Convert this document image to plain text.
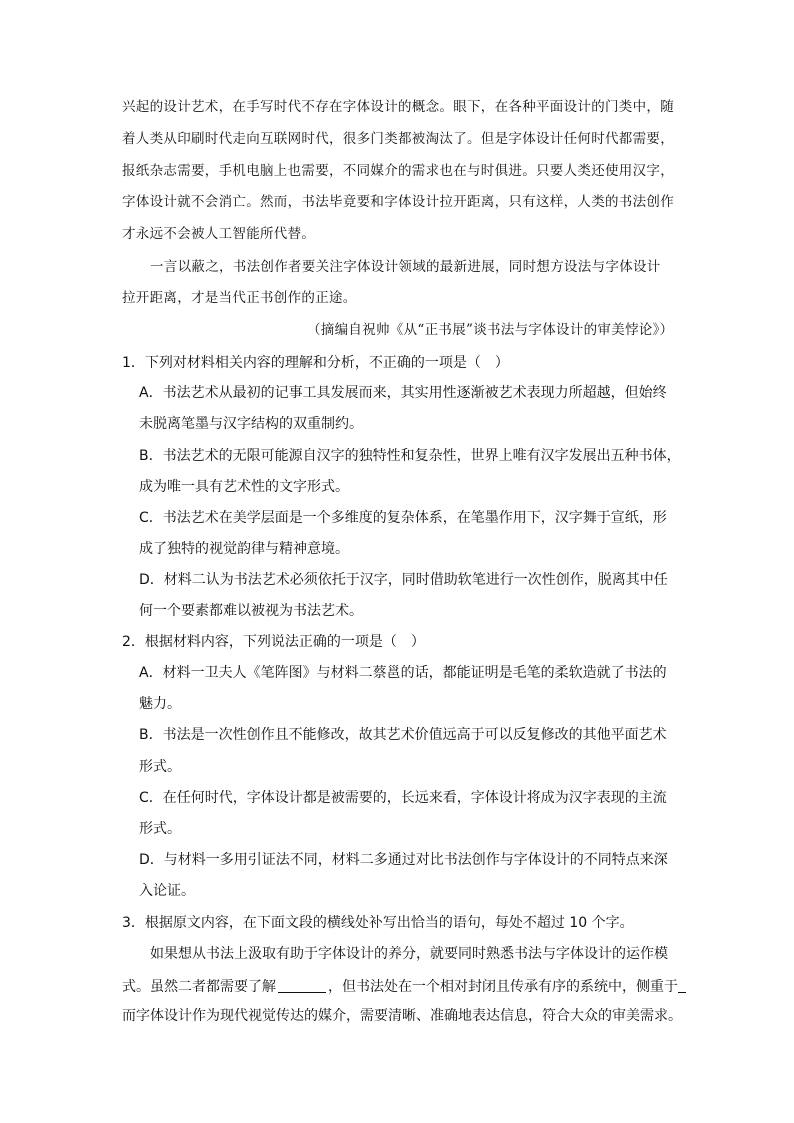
兴起的设计艺术，在手写时代不存在字体设计的概念。眼下，在各种平面设计的门类中，随
着人类从印刷时代走向互联网时代，很多门类都被淘汰了。但是字体设计任何时代都需要，
报纸杂志需要，手机电脑上也需要，不同媒介的需求也在与时俱进。只要人类还使用汉字，
字体设计就不会消亡。然而，书法毕竟要和字体设计拉开距离，只有这样，人类的书法创作
才永远不会被人工智能所代替。
一言以蔽之，书法创作者要关注字体设计领域的最新进展，同时想方设法与字体设计
拉开距离，才是当代正书创作的正途。
（摘编自祝帅《从“正书展”谈书法与字体设计的审美悖论》）
1．下列对材料相关内容的理解和分析，不正确的一项是（　）
A．书法艺术从最初的记事工具发展而来，其实用性逐渐被艺术表现力所超越，但始终
未脱离笔墨与汉字结构的双重制约。
B．书法艺术的无限可能源自汉字的独特性和复杂性，世界上唯有汉字发展出五种书体，
成为唯一具有艺术性的文字形式。
C．书法艺术在美学层面是一个多维度的复杂体系，在笔墨作用下，汉字舞于宣纸，形
成了独特的视觉韵律与精神意境。
D．材料二认为书法艺术必须依托于汉字，同时借助软笔进行一次性创作，脱离其中任
何一个要素都难以被视为书法艺术。
2．根据材料内容，下列说法正确的一项是（　）
A．材料一卫夫人《笔阵图》与材料二蔡邕的话，都能证明是毛笔的柔软造就了书法的
魅力。
B．书法是一次性创作且不能修改，故其艺术价值远高于可以反复修改的其他平面艺术
形式。
C．在任何时代，字体设计都是被需要的，长远来看，字体设计将成为汉字表现的主流
形式。
D．与材料一多用引证法不同，材料二多通过对比书法创作与字体设计的不同特点来深
入论证。
3．根据原文内容，在下面文段的横线处补写出恰当的语句，每处不超过 10 个字。
如果想从书法上汲取有助于字体设计的养分，就要同时熟悉书法与字体设计的运作模
式。虽然二者都需要了解	，但书法处在一个相对封闭且传承有序的系统中，侧重于
而字体设计作为现代视觉传达的媒介，需要清晰、准确地表达信息，符合大众的审美需求。
